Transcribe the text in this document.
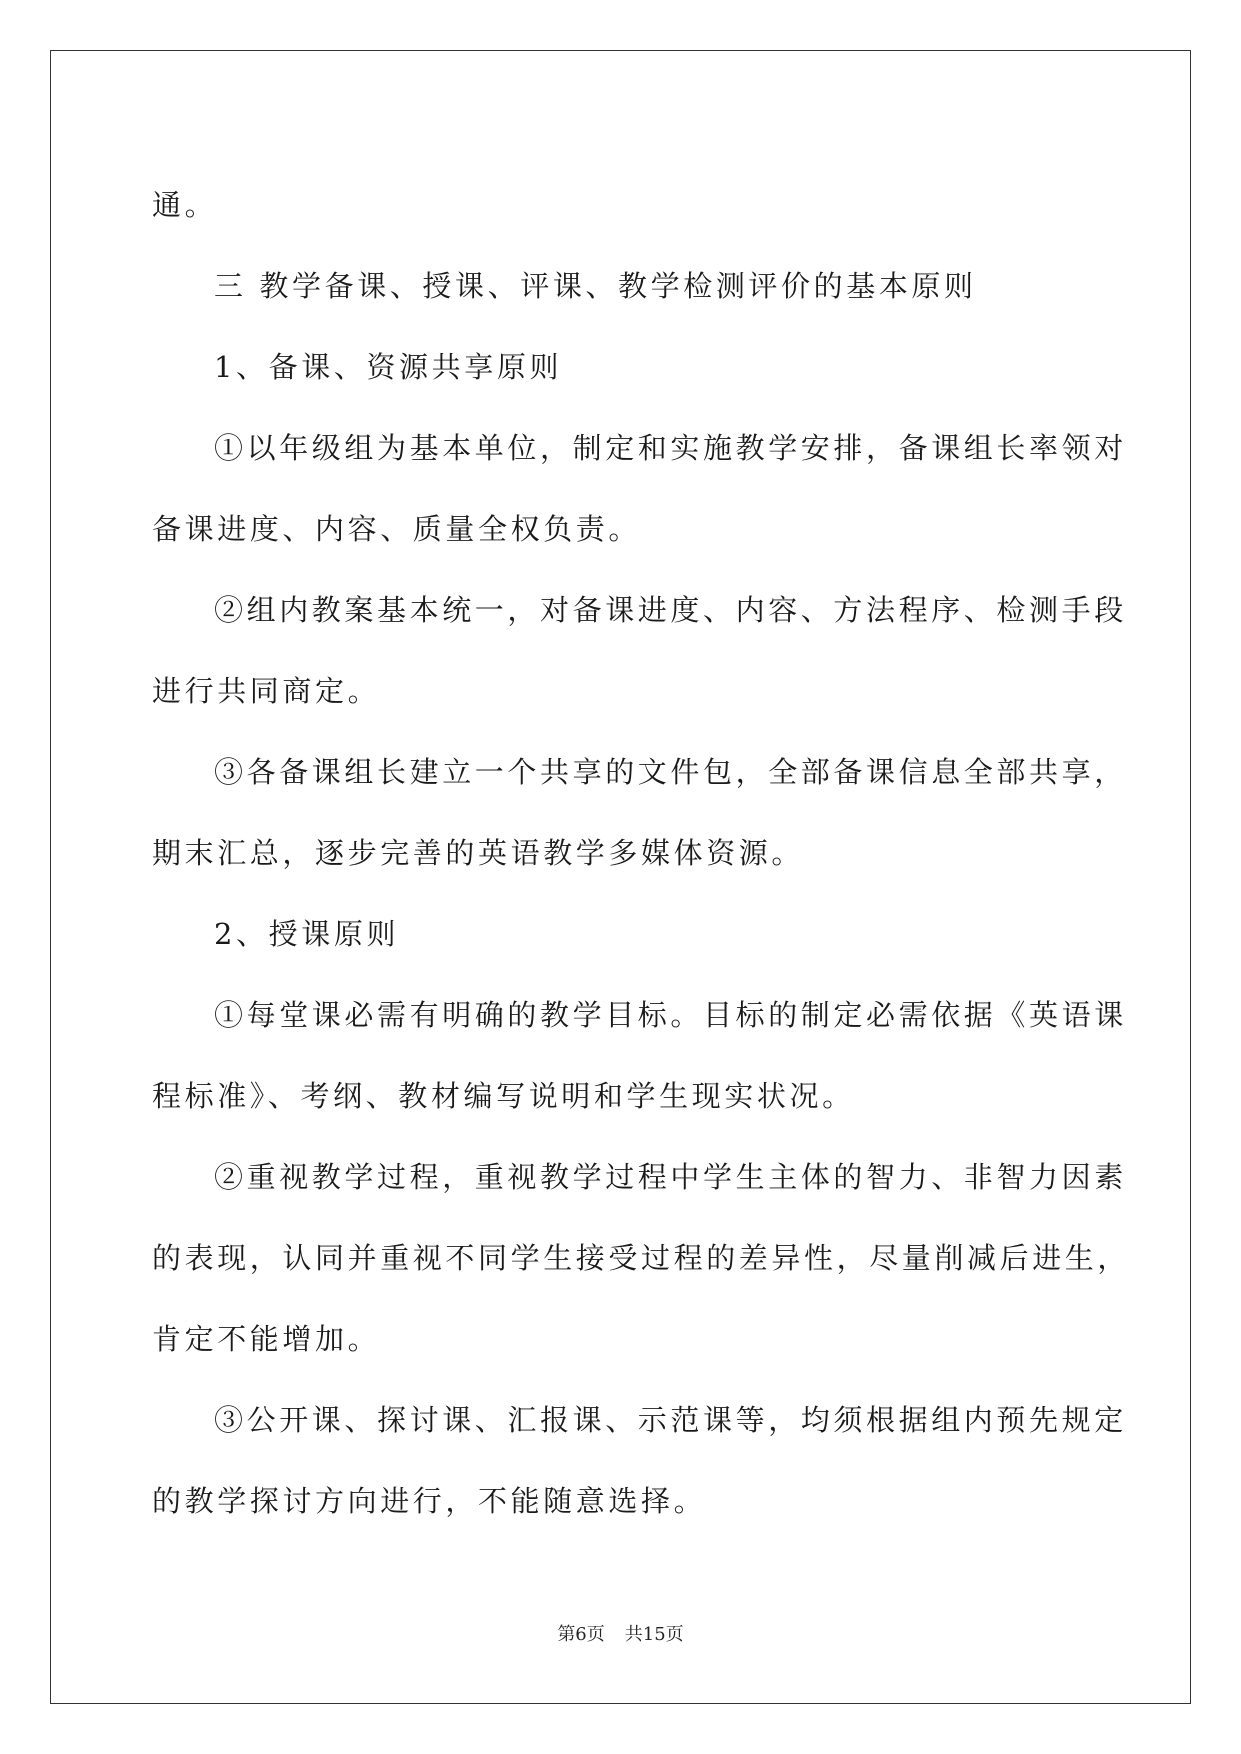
通。

三 教学备课、授课、评课、教学检测评价的基本原则

1、备课、资源共享原则

①以年级组为基本单位，制定和实施教学安排，备课组长率领对

备课进度、内容、质量全权负责。

②组内教案基本统一，对备课进度、内容、方法程序、检测手段

进行共同商定。

③各备课组长建立一个共享的文件包，全部备课信息全部共享，

期末汇总，逐步完善的英语教学多媒体资源。

2、授课原则

①每堂课必需有明确的教学目标。目标的制定必需依据《英语课

程标准》、考纲、教材编写说明和学生现实状况。

②重视教学过程，重视教学过程中学生主体的智力、非智力因素

的表现，认同并重视不同学生接受过程的差异性，尽量削减后进生，

肯定不能增加。

③公开课、探讨课、汇报课、示范课等，均须根据组内预先规定

的教学探讨方向进行，不能随意选择。

第6页 共15页
